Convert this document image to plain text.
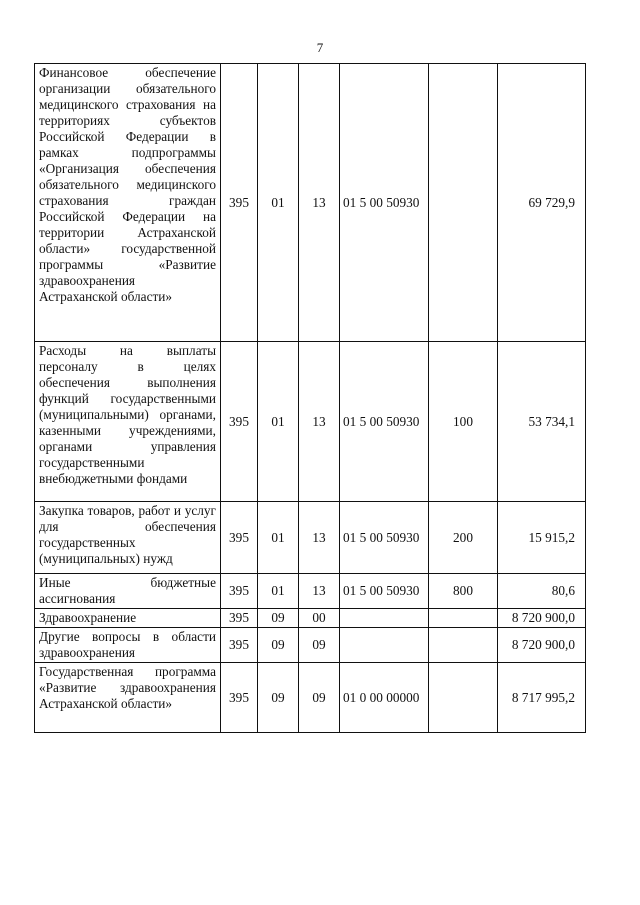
7
Финансовое обеспечение организации обязательного медицинского страхования на территориях субъектов Российской Федерации в рамках подпрограммы «Организация обеспечения обязательного медицинского страхования граждан Российской Федерации на территории Астраханской области» государственной программы «Развитие здравоохранения Астраханской области»	395	01	13	01 5 00 50930		69 729,9
Расходы на выплаты персоналу в целях обеспечения выполнения функций государственными (муниципальными) органами, казенными учреждениями, органами управления государственными внебюджетными фондами	395	01	13	01 5 00 50930	100	53 734,1
Закупка товаров, работ и услуг для обеспечения государственных (муниципальных) нужд	395	01	13	01 5 00 50930	200	15 915,2
Иные бюджетные ассигнования	395	01	13	01 5 00 50930	800	80,6
Здравоохранение	395	09	00			8 720 900,0
Другие вопросы в области здравоохранения	395	09	09			8 720 900,0
Государственная программа «Развитие здравоохранения Астраханской области»	395	09	09	01 0 00 00000		8 717 995,2
